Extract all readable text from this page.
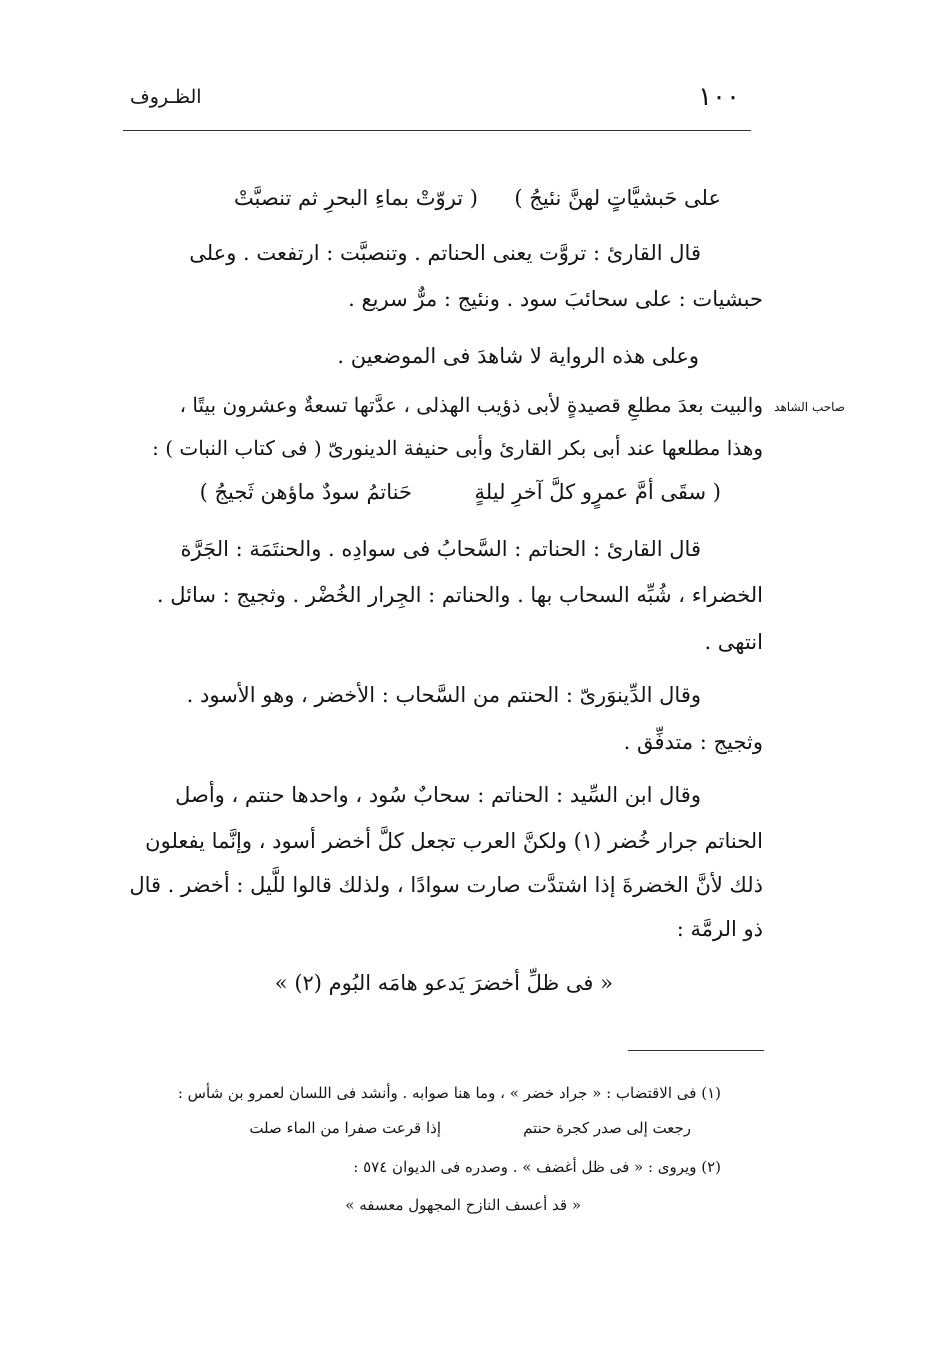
١٠٠
الظـروف
( تروّتْ بماءِ البحرِ ثم تنصبَّتْ على حَبشيَّاتٍ لهنَّ نئيجُ )
قال القارئ : تروَّت يعنى الحناتم . وتنصبَّت : ارتفعت . وعلى
حبشيات : على سحائبَ سود . ونئيج : مرٌّ سريع .
وعلى هذه الرواية لا شاهدَ فى الموضعين .
صاحب الشاهد
والبيت بعدَ مطلعِ قصيدةٍ لأبى ذؤيب الهذلى ، عدَّتها تسعةٌ وعشرون بيتًا ،
وهذا مطلعها عند أبى بكر القارئ وأبى حنيفة الدينورىّ ( فى كتاب النبات ) :
( سقَى أمَّ عمرٍو كلَّ آخرِ ليلةٍ
حَناتمُ سودٌ ماؤهن ثَجيجُ )
قال القارئ : الحناتم : السَّحابُ فى سوادِه . والحنتَمَة : الجَرَّة
الخضراء ، شُبِّه السحاب بها . والحناتم : الجِرار الخُضْر . وثجيج : سائل .
انتهى .
وقال الدِّينوَرىّ : الحنتم من السَّحاب : الأخضر ، وهو الأسود .
وثجيج : متدفِّق .
وقال ابن السِّيد : الحناتم : سحابٌ سُود ، واحدها حنتم ، وأصل
الحناتم جرار خُضر (١) ولكنَّ العرب تجعل كلَّ أخضر أسود ، وإنَّما يفعلون
ذلك لأنَّ الخضرةَ إذا اشتدَّت صارت سوادًا ، ولذلك قالوا للَّيل : أخضر . قال
ذو الرمَّة :
« فى ظلِّ أخضرَ يَدعو هامَه البُوم (٢) »
(١) فى الاقتضاب : « جراد خضر » ، وما هنا صوابه . وأنشد فى اللسان لعمرو بن شأس :
رجعت إلى صدر كجرة حنتم
إذا قرعت صفرا من الماء صلت
(٢) ويروى : « فى ظل أغضف » . وصدره فى الديوان ٥٧٤ :
« قد أعسف النازح المجهول معسفه »
